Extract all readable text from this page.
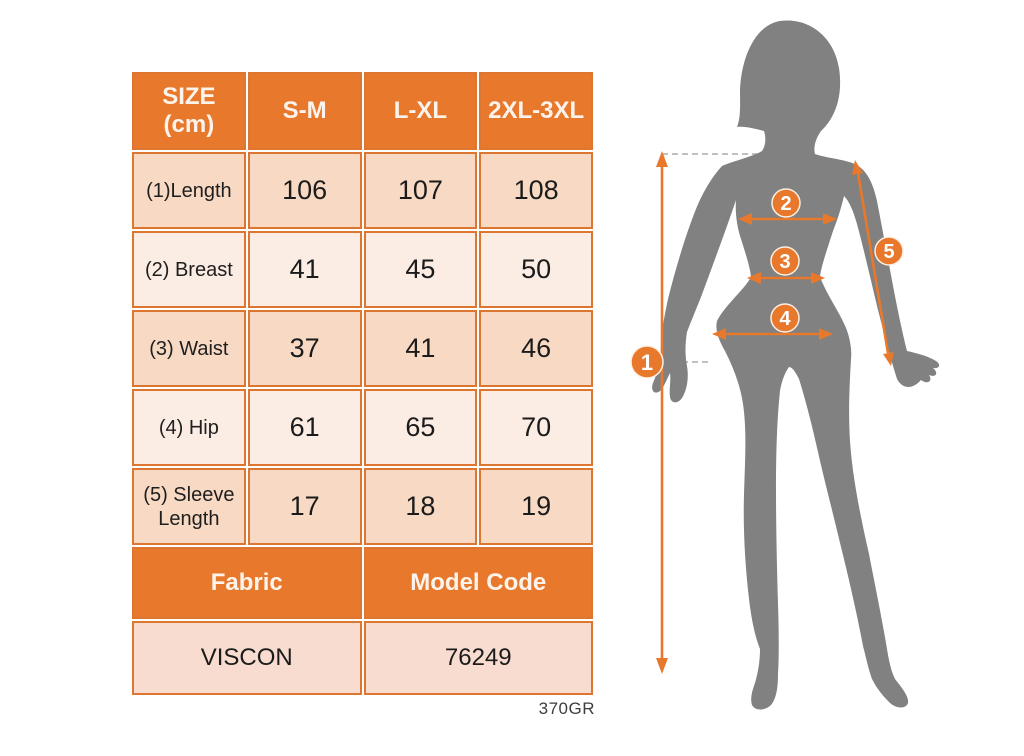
SIZE (cm)	S-M	L-XL	2XL-3XL
(1)Length	106	107	108
(2) Breast	41	45	50
(3) Waist	37	41	46
(4) Hip	61	65	70
(5) Sleeve Length	17	18	19
Fabric		Model Code	
VISCON		76249	
370GR
1
2
3
4
5
